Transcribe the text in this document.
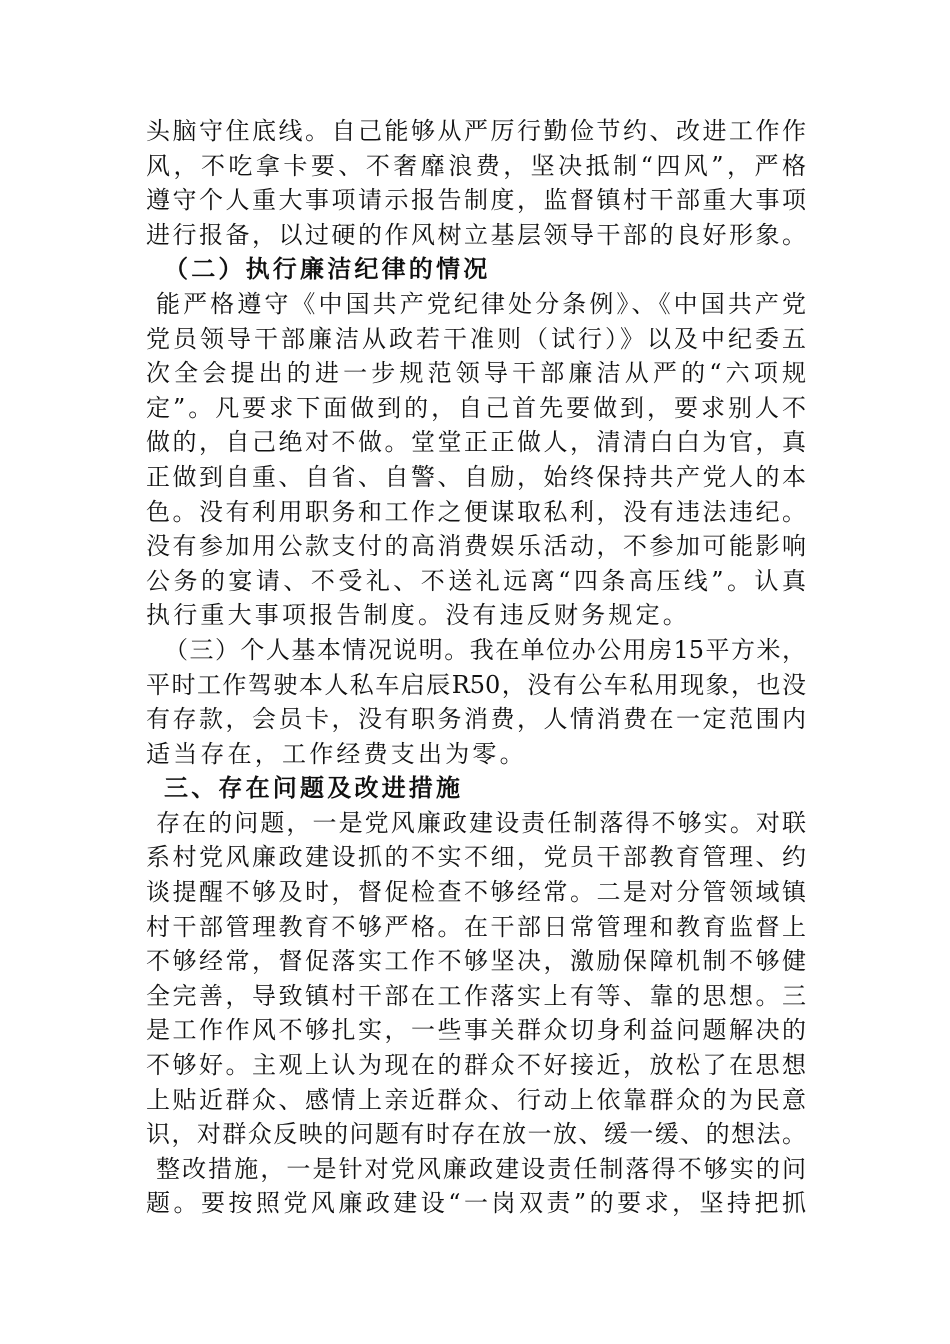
头脑守住底线。自己能够从严厉行勤俭节约、改进工作作
风，不吃拿卡要、不奢靡浪费，坚决抵制“四风”，严格
遵守个人重大事项请示报告制度，监督镇村干部重大事项
进行报备，以过硬的作风树立基层领导干部的良好形象。
（二）执行廉洁纪律的情况
能严格遵守《中国共产党纪律处分条例》、《中国共产党
党员领导干部廉洁从政若干准则（试行）》以及中纪委五
次全会提出的进一步规范领导干部廉洁从严的“六项规
定”。凡要求下面做到的，自己首先要做到，要求别人不
做的，自己绝对不做。堂堂正正做人，清清白白为官，真
正做到自重、自省、自警、自励，始终保持共产党人的本
色。没有利用职务和工作之便谋取私利，没有违法违纪。
没有参加用公款支付的高消费娱乐活动，不参加可能影响
公务的宴请、不受礼、不送礼远离“四条高压线”。认真
执行重大事项报告制度。没有违反财务规定。
（三）个人基本情况说明。我在单位办公用房15平方米，
平时工作驾驶本人私车启辰R50，没有公车私用现象，也没
有存款，会员卡，没有职务消费，人情消费在一定范围内
适当存在，工作经费支出为零。
三、存在问题及改进措施
存在的问题，一是党风廉政建设责任制落得不够实。对联
系村党风廉政建设抓的不实不细，党员干部教育管理、约
谈提醒不够及时，督促检查不够经常。二是对分管领域镇
村干部管理教育不够严格。在干部日常管理和教育监督上
不够经常，督促落实工作不够坚决，激励保障机制不够健
全完善，导致镇村干部在工作落实上有等、靠的思想。三
是工作作风不够扎实，一些事关群众切身利益问题解决的
不够好。主观上认为现在的群众不好接近，放松了在思想
上贴近群众、感情上亲近群众、行动上依靠群众的为民意
识，对群众反映的问题有时存在放一放、缓一缓、的想法。
整改措施，一是针对党风廉政建设责任制落得不够实的问
题。要按照党风廉政建设“一岗双责”的要求，坚持把抓
